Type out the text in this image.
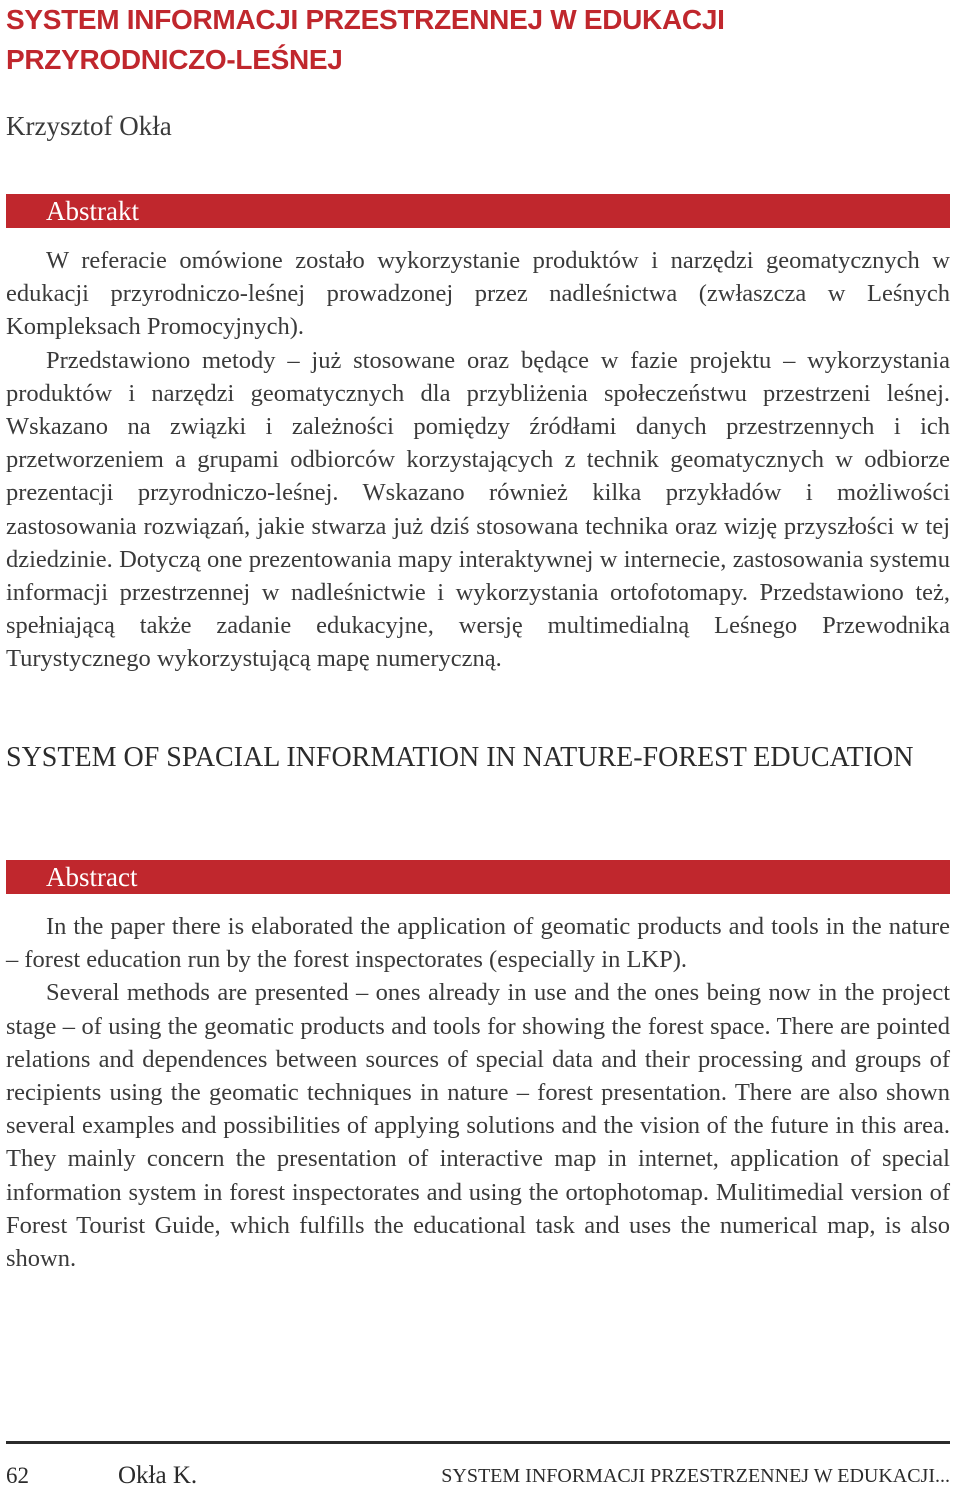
SYSTEM INFORMACJI PRZESTRZENNEJ W EDUKACJI PRZYRODNICZO-LEŚNEJ
Krzysztof Okła
Abstrakt

W referacie omówione zostało wykorzystanie produktów i narzędzi geomatycznych w edukacji przyrodniczo-leśnej prowadzonej przez nadleśnictwa (zwłaszcza w Leśnych Kompleksach Promocyjnych).

Przedstawiono metody – już stosowane oraz będące w fazie projektu – wykorzystania produktów i narzędzi geomatycznych dla przybliżenia społeczeństwu przestrzeni leśnej. Wskazano na związki i zależności pomiędzy źródłami danych przestrzennych i ich przetworzeniem a grupami odbiorców korzystających z technik geomatycznych w odbiorze prezentacji przyrodniczo-leśnej. Wskazano również kilka przykładów i możliwości zastosowania rozwiązań, jakie stwarza już dziś stosowana technika oraz wizję przyszłości w tej dziedzinie. Dotyczą one prezentowania mapy interaktywnej w internecie, zastosowania systemu informacji przestrzennej w nadleśnictwie i wykorzystania ortofotomapy. Przedstawiono też, spełniającą także zadanie edukacyjne, wersję multimedialną Leśnego Przewodnika Turystycznego wykorzystującą mapę numeryczną.

SYSTEM OF SPACIAL INFORMATION IN NATURE-FOREST EDUCATION
Abstract

In the paper there is elaborated the application of geomatic products and tools in the nature – forest education run by the forest inspectorates (especially in LKP).

Several methods are presented – ones already in use and the ones being now in the project stage – of using the geomatic products and tools for showing the forest space. There are pointed relations and dependences between sources of special data and their processing and groups of recipients using the geomatic techniques in nature – forest presentation. There are also shown several examples and possibilities of applying solutions and the vision of the future in this area. They mainly concern the presentation of interactive map in internet, application of special information system in forest inspectorates and using the ortophotomap. Mulitimedial version of Forest Tourist Guide, which fulfills the educational task and uses the numerical map, is also shown.

62	Okła K.	SYSTEM INFORMACJI PRZESTRZENNEJ W EDUKACJI...
